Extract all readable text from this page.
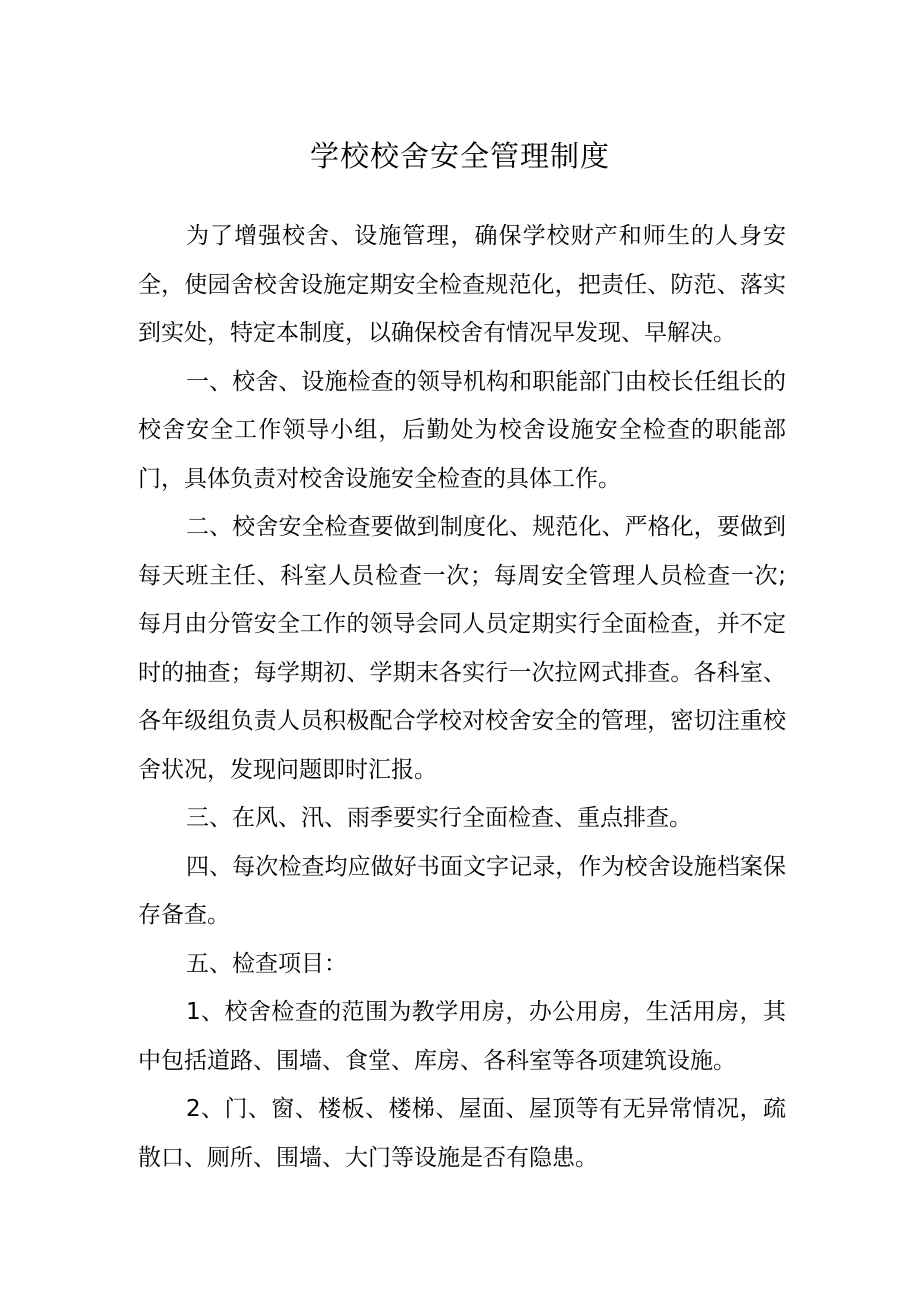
学校校舍安全管理制度

为了增强校舍、设施管理，确保学校财产和师生的人身安全，使园舍校舍设施定期安全检查规范化，把责任、防范、落实到实处，特定本制度，以确保校舍有情况早发现、早解决。

一、校舍、设施检查的领导机构和职能部门由校长任组长的校舍安全工作领导小组，后勤处为校舍设施安全检查的职能部门，具体负责对校舍设施安全检查的具体工作。

二、校舍安全检查要做到制度化、规范化、严格化，要做到每天班主任、科室人员检查一次；每周安全管理人员检查一次;每月由分管安全工作的领导会同人员定期实行全面检查，并不定时的抽查；每学期初、学期末各实行一次拉网式排查。各科室、各年级组负责人员积极配合学校对校舍安全的管理，密切注重校舍状况，发现问题即时汇报。

三、在风、汛、雨季要实行全面检查、重点排查。

四、每次检查均应做好书面文字记录，作为校舍设施档案保存备查。

五、检查项目：

1、校舍检查的范围为教学用房，办公用房，生活用房，其中包括道路、围墙、食堂、库房、各科室等各项建筑设施。

2、门、窗、楼板、楼梯、屋面、屋顶等有无异常情况，疏散口、厕所、围墙、大门等设施是否有隐患。
